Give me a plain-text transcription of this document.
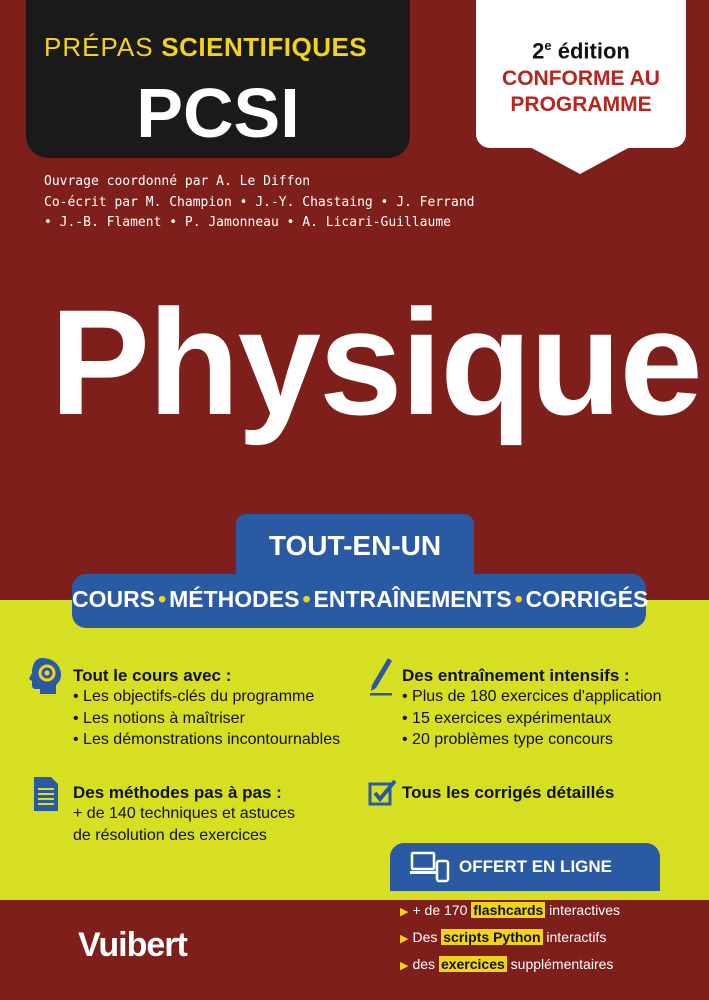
PRÉPAS SCIENTIFIQUES
PCSI
2e édition
CONFORME AU
PROGRAMME
Ouvrage coordonné par A. Le Diffon
Co-écrit par M. Champion • J.-Y. Chastaing • J. Ferrand
• J.-B. Flament • P. Jamonneau • A. Licari-Guillaume
Physique
TOUT-EN-UN
COURS • MÉTHODES • ENTRAÎNEMENTS • CORRIGÉS
Tout le cours avec :
• Les objectifs-clés du programme
• Les notions à maîtriser
• Les démonstrations incontournables
Des entraînement intensifs :
• Plus de 180 exercices d'application
• 15 exercices expérimentaux
• 20 problèmes type concours
Des méthodes pas à pas :

+ de 140 techniques et astuces

de résolution des exercices

Tous les corrigés détaillés
OFFERT EN LIGNE
▶ + de 170 flashcards interactives
▶ Des scripts Python interactifs
▶ des exercices supplémentaires
Vuibert
